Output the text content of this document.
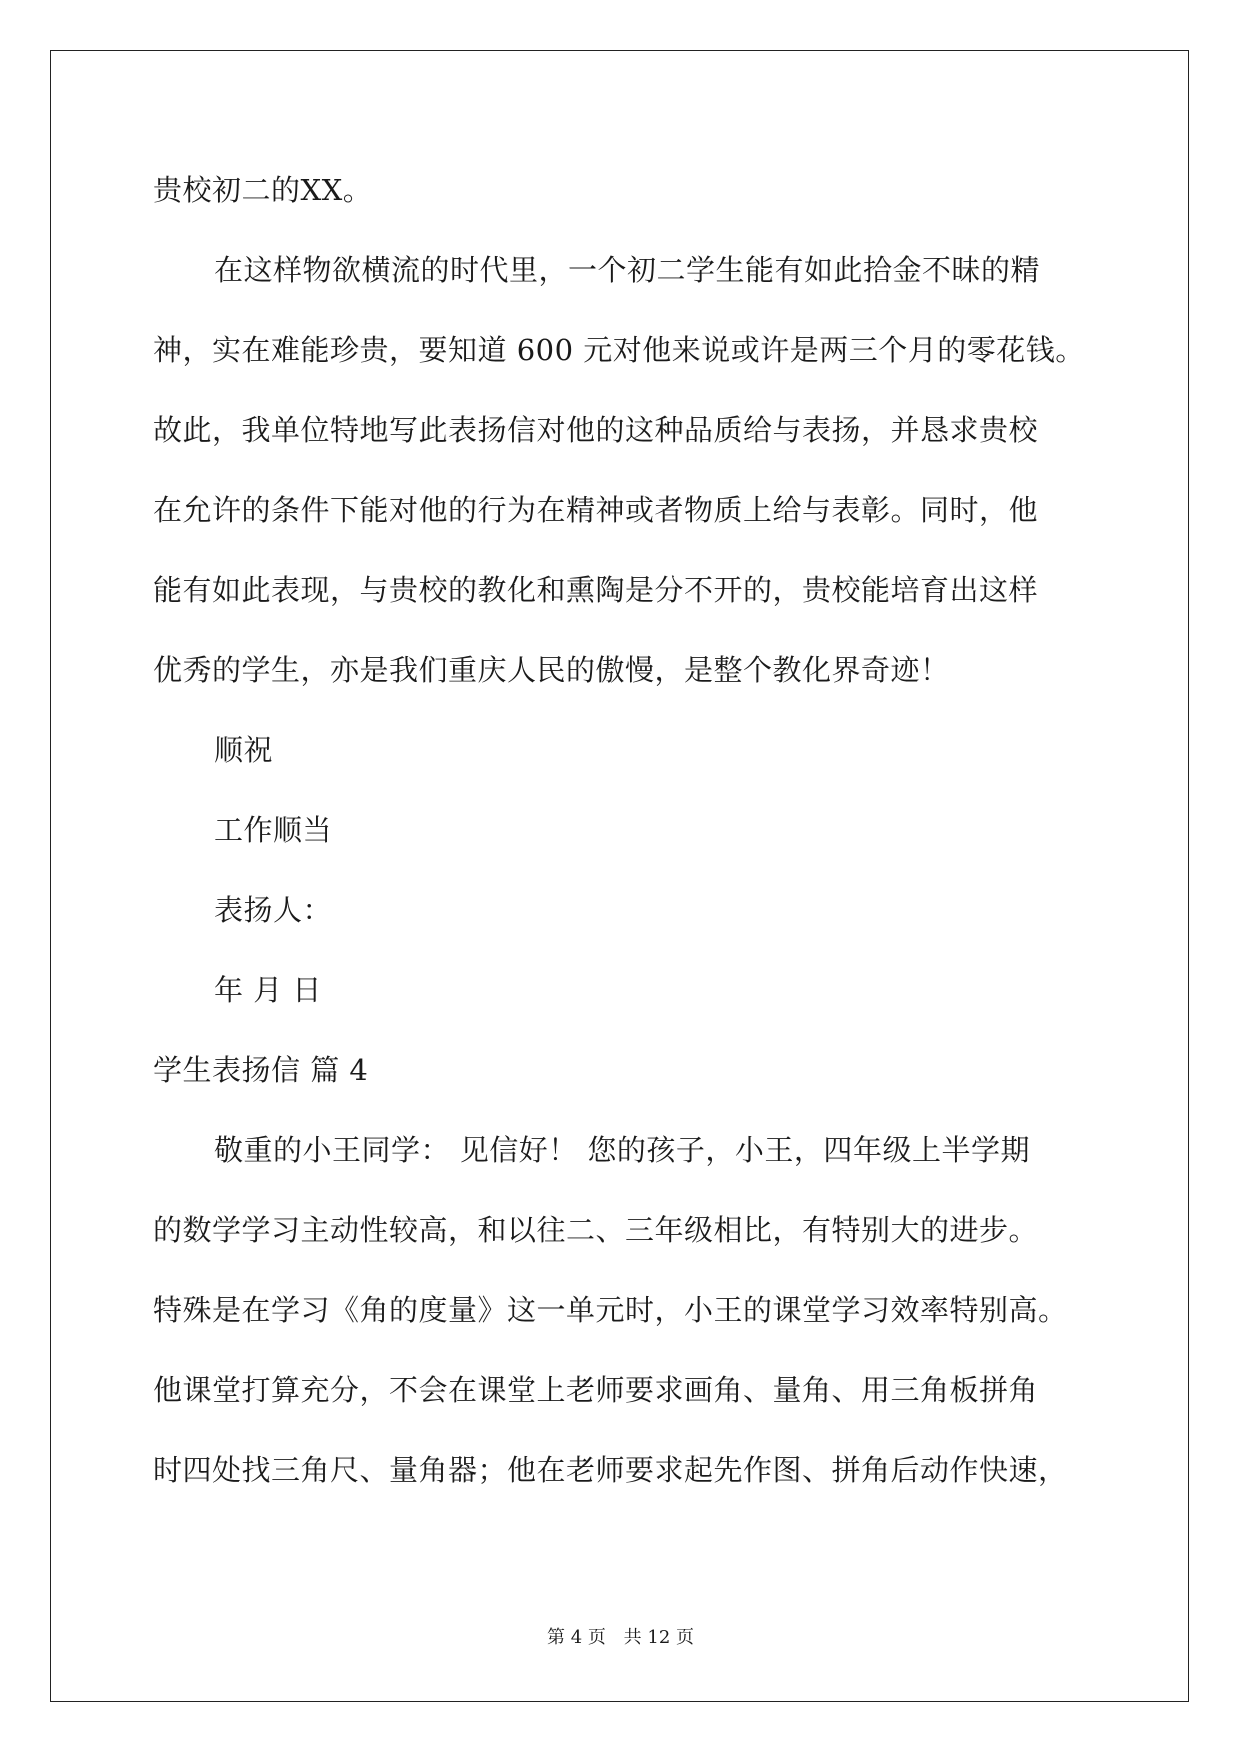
贵校初二的XX。
在这样物欲横流的时代里，一个初二学生能有如此拾金不昧的精
神，实在难能珍贵，要知道 600 元对他来说或许是两三个月的零花钱。
故此，我单位特地写此表扬信对他的这种品质给与表扬，并恳求贵校
在允许的条件下能对他的行为在精神或者物质上给与表彰。同时，他
能有如此表现，与贵校的教化和熏陶是分不开的，贵校能培育出这样
优秀的学生，亦是我们重庆人民的傲慢，是整个教化界奇迹！
顺祝
工作顺当
表扬人：
年 月 日
学生表扬信 篇 4
敬重的小王同学： 见信好！ 您的孩子，小王，四年级上半学期
的数学学习主动性较高，和以往二、三年级相比，有特别大的进步。
特殊是在学习《角的度量》这一单元时，小王的课堂学习效率特别高。
他课堂打算充分，不会在课堂上老师要求画角、量角、用三角板拼角
时四处找三角尺、量角器；他在老师要求起先作图、拼角后动作快速，
第 4 页 共 12 页
